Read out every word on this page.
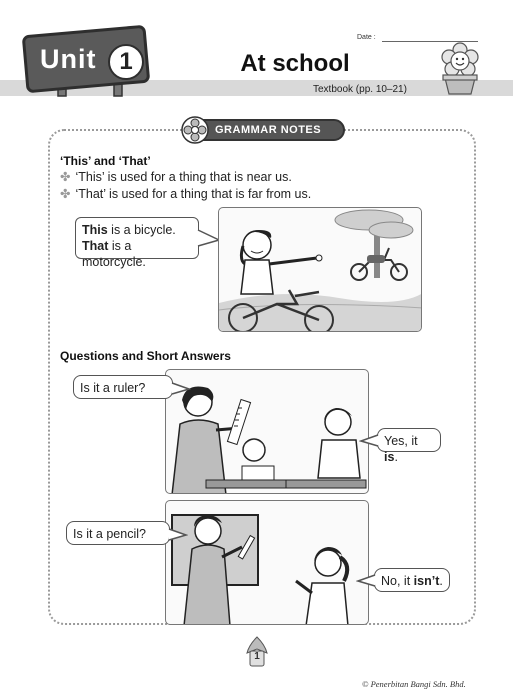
Unit 1
Date :
At school
Textbook (pp. 10–21)
GRAMMAR NOTES
‘This’ and ‘That’
✤ ‘This’ is used for a thing that is near us.
✤ ‘That’ is used for a thing that is far from us.
This is a bicycle. That is a motorcycle.
Questions and Short Answers
Is it a ruler?
Yes, it is.
Is it a pencil?
No, it isn’t.
1
© Penerbitan Bangi Sdn. Bhd.
